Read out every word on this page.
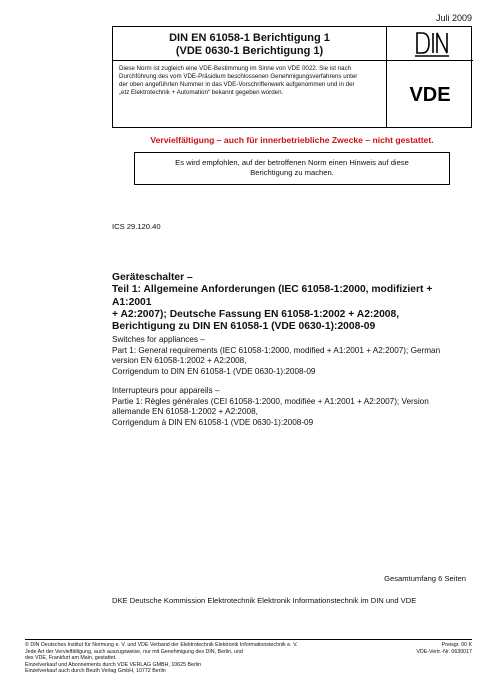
Juli 2009
DIN EN 61058-1 Berichtigung 1
(VDE 0630-1 Berichtigung 1)
Diese Norm ist zugleich eine VDE-Bestimmung im Sinne von VDE 0022. Sie ist nach
Durchführung des vom VDE-Präsidium beschlossenen Genehmigungsverfahrens unter
der oben angeführten Nummer in das VDE-Vorschriftenwerk aufgenommen und in der
„etz Elektrotechnik + Automation“ bekannt gegeben worden.	VDE
Vervielfältigung – auch für innerbetriebliche Zwecke – nicht gestattet.
Es wird empfohlen, auf der betroffenen Norm einen Hinweis auf diese
Berichtigung zu machen.
ICS 29.120.40
Geräteschalter –
Teil 1: Allgemeine Anforderungen (IEC 61058-1:2000, modifiziert + A1:2001
+ A2:2007); Deutsche Fassung EN 61058-1:2002 + A2:2008,
Berichtigung zu DIN EN 61058-1 (VDE 0630-1):2008-09
Switches for appliances –
Part 1: General requirements (IEC 61058-1:2000, modified + A1:2001 + A2:2007); German
version EN 61058-1:2002 + A2:2008,
Corrigendum to DIN EN 61058-1 (VDE 0630-1):2008-09
Interrupteurs pour appareils –
Partie 1: Règles générales (CEI 61058-1:2000, modifiée + A1:2001 + A2:2007); Version
allemande EN 61058-1:2002 + A2:2008,
Corrigendum à DIN EN 61058-1 (VDE 0630-1):2008-09
Gesamtumfang 6 Seiten
DKE Deutsche Kommission Elektrotechnik Elektronik Informationstechnik im DIN und VDE
© DIN Deutsches Institut für Normung e. V. und VDE Verband der Elektrotechnik Elektronik Informationstechnik e. V.
Jede Art der Vervielfältigung, auch auszugsweise, nur mit Genehmigung des DIN, Berlin, und
des VDE, Frankfurt am Main, gestattet.
Einzelverkauf und Abonnements durch VDE VERLAG GMBH, 10625 Berlin
Einzelverkauf auch durch Beuth Verlag GmbH, 10772 Berlin
Preisgr. 00 K
VDE-Vertr.-Nr. 0630017
